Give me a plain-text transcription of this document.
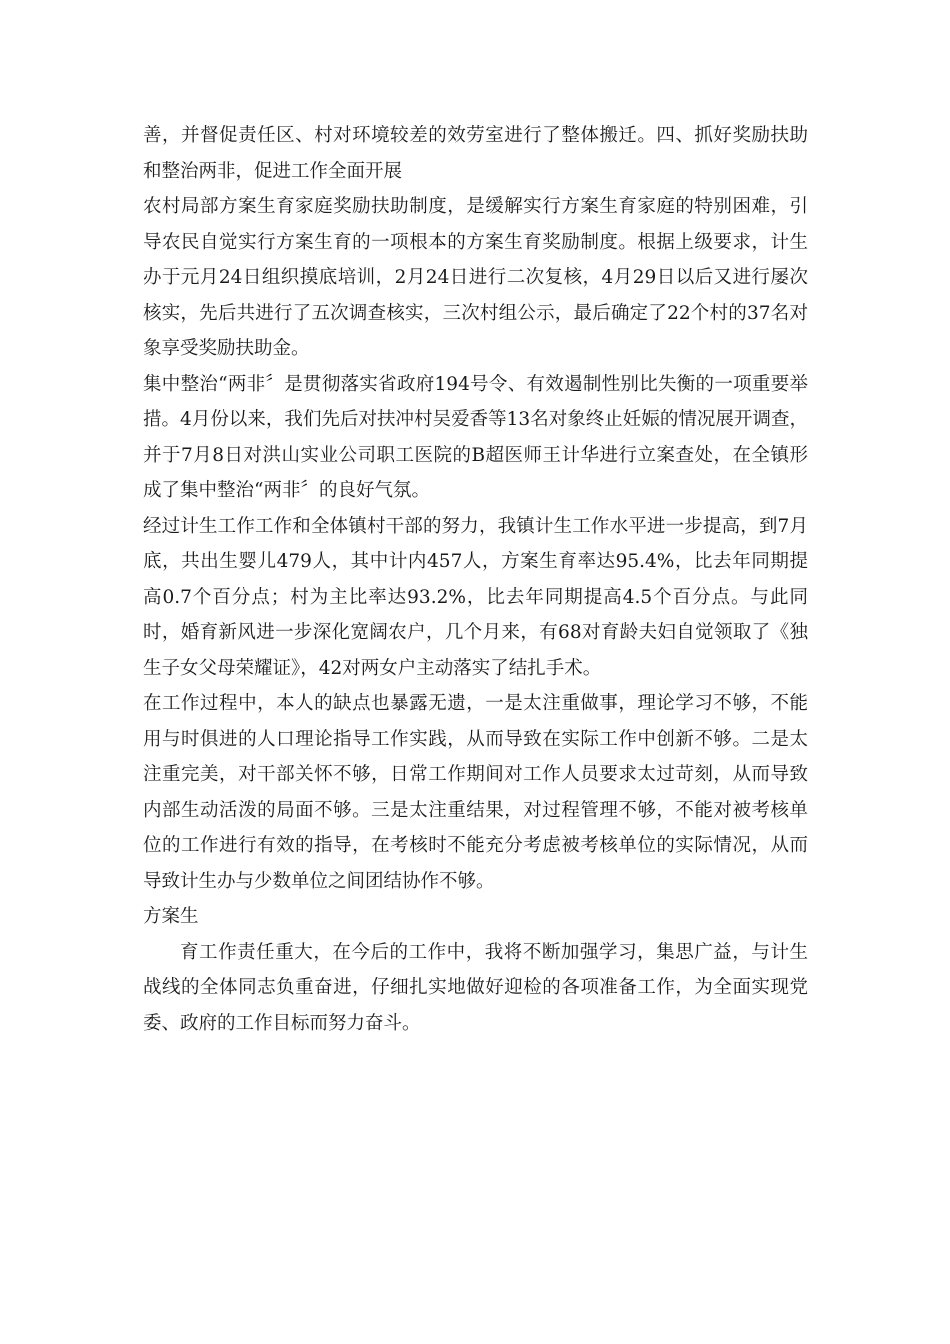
善，并督促责任区、村对环境较差的效劳室进行了整体搬迁。四、抓好奖励扶助和整治两非，促进工作全面开展

农村局部方案生育家庭奖励扶助制度，是缓解实行方案生育家庭的特别困难，引导农民自觉实行方案生育的一项根本的方案生育奖励制度。根据上级要求，计生办于元月24日组织摸底培训，2月24日进行二次复核，4月29日以后又进行屡次核实，先后共进行了五次调查核实，三次村组公示，最后确定了22个村的37名对象享受奖励扶助金。

集中整治“两非〞是贯彻落实省政府194号令、有效遏制性别比失衡的一项重要举措。4月份以来，我们先后对扶冲村吴爱香等13名对象终止妊娠的情况展开调查，并于7月8日对洪山实业公司职工医院的B超医师王计华进行立案查处，在全镇形成了集中整治“两非〞的良好气氛。

经过计生工作工作和全体镇村干部的努力，我镇计生工作水平进一步提高，到7月底，共出生婴儿479人，其中计内457人，方案生育率达95.4%，比去年同期提高0.7个百分点；村为主比率达93.2%，比去年同期提高4.5个百分点。与此同时，婚育新风进一步深化宽阔农户，几个月来，有68对育龄夫妇自觉领取了《独生子女父母荣耀证》，42对两女户主动落实了结扎手术。

在工作过程中，本人的缺点也暴露无遗，一是太注重做事，理论学习不够，不能用与时俱进的人口理论指导工作实践，从而导致在实际工作中创新不够。二是太注重完美，对干部关怀不够，日常工作期间对工作人员要求太过苛刻，从而导致内部生动活泼的局面不够。三是太注重结果，对过程管理不够，不能对被考核单位的工作进行有效的指导，在考核时不能充分考虑被考核单位的实际情况，从而导致计生办与少数单位之间团结协作不够。

方案生

育工作责任重大，在今后的工作中，我将不断加强学习，集思广益，与计生战线的全体同志负重奋进，仔细扎实地做好迎检的各项准备工作，为全面实现党委、政府的工作目标而努力奋斗。
